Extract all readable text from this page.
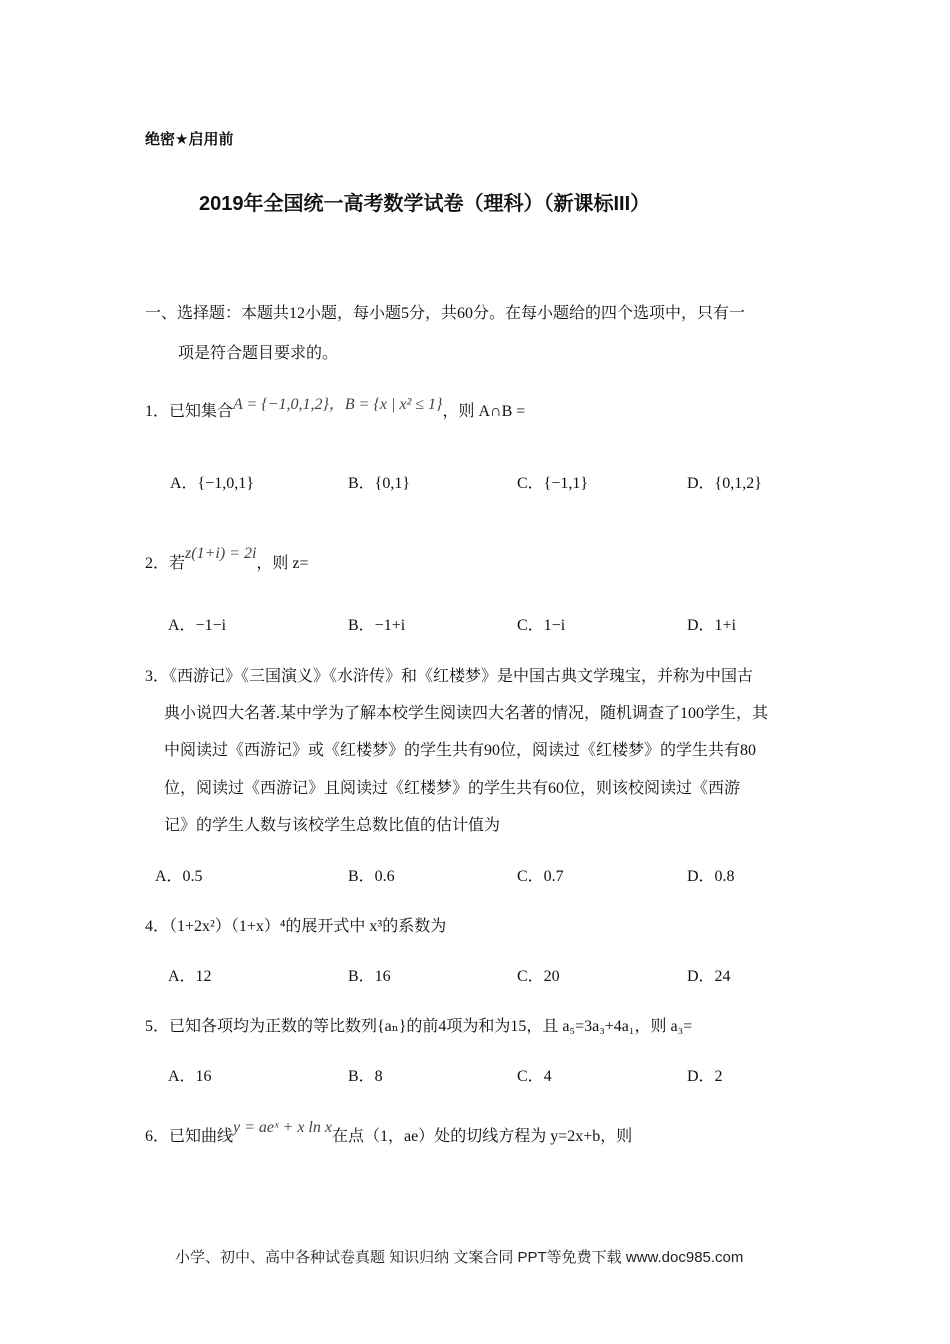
绝密★启用前
2019年全国统一高考数学试卷（理科）（新课标III）
一、选择题：本题共12小题，每小题5分，共60分。在每小题给的四个选项中，只有一
项是符合题目要求的。
1．已知集合A = {−1,0,1,2}，B = {x | x² ≤ 1}，则 A∩B =
A．{−1,0,1}	B．{0,1}	C．{−1,1}	D．{0,1,2}
2．若z(1+i) = 2i，则 z=
A．−1−i	B．−1+i	C．1−i	D．1+i
3．《西游记》《三国演义》《水浒传》和《红楼梦》是中国古典文学瑰宝，并称为中国古
典小说四大名著.某中学为了解本校学生阅读四大名著的情况，随机调查了100学生，其
中阅读过《西游记》或《红楼梦》的学生共有90位，阅读过《红楼梦》的学生共有80
位，阅读过《西游记》且阅读过《红楼梦》的学生共有60位，则该校阅读过《西游
记》的学生人数与该校学生总数比值的估计值为
A．0.5	B．0.6	C．0.7	D．0.8
4．（1+2x²）（1+x）⁴的展开式中 x³的系数为
A．12	B．16	C．20	D．24
5．已知各项均为正数的等比数列{aₙ}的前4项为和为15，且 a₅=3a₃+4a₁，则 a₃=
A．16	B．8	C．4	D．2
6．已知曲线y = aeˣ + x ln x在点（1，ae）处的切线方程为 y=2x+b，则
小学、初中、高中各种试卷真题 知识归纳 文案合同 PPT等免费下载 www.doc985.com
